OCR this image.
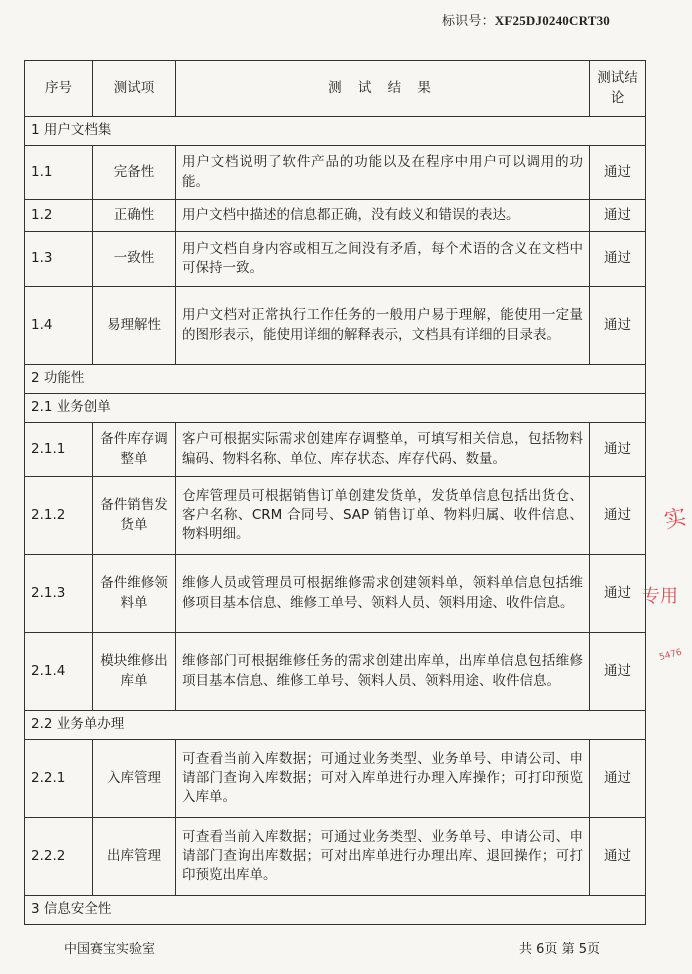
标识号：XF25DJ0240CRT30
序号	测试项	测 试 结 果	测试结论
1 用户文档集			
1.1	完备性	用户文档说明了软件产品的功能以及在程序中用户可以调用的功能。	通过
1.2	正确性	用户文档中描述的信息都正确，没有歧义和错误的表达。	通过
1.3	一致性	用户文档自身内容或相互之间没有矛盾，每个术语的含义在文档中可保持一致。	通过
1.4	易理解性	用户文档对正常执行工作任务的一般用户易于理解，能使用一定量的图形表示，能使用详细的解释表示，文档具有详细的目录表。	通过
2 功能性			
2.1 业务创单			
2.1.1	备件库存调整单	客户可根据实际需求创建库存调整单，可填写相关信息，包括物料编码、物料名称、单位、库存状态、库存代码、数量。	通过
2.1.2	备件销售发货单	仓库管理员可根据销售订单创建发货单，发货单信息包括出货仓、客户名称、CRM 合同号、SAP 销售订单、物料归属、收件信息、物料明细。	通过
2.1.3	备件维修领料单	维修人员或管理员可根据维修需求创建领料单，领料单信息包括维修项目基本信息、维修工单号、领料人员、领料用途、收件信息。	通过
2.1.4	模块维修出库单	维修部门可根据维修任务的需求创建出库单，出库单信息包括维修项目基本信息、维修工单号、领料人员、领料用途、收件信息。	通过
2.2 业务单办理			
2.2.1	入库管理	可查看当前入库数据；可通过业务类型、业务单号、申请公司、申请部门查询入库数据；可对入库单进行办理入库操作；可打印预览入库单。	通过
2.2.2	出库管理	可查看当前入库数据；可通过业务类型、业务单号、申请公司、申请部门查询出库数据；可对出库单进行办理出库、退回操作；可打印预览出库单。	通过
3 信息安全性			
实
专用
5476
中国赛宝实验室	共 6页 第 5页
